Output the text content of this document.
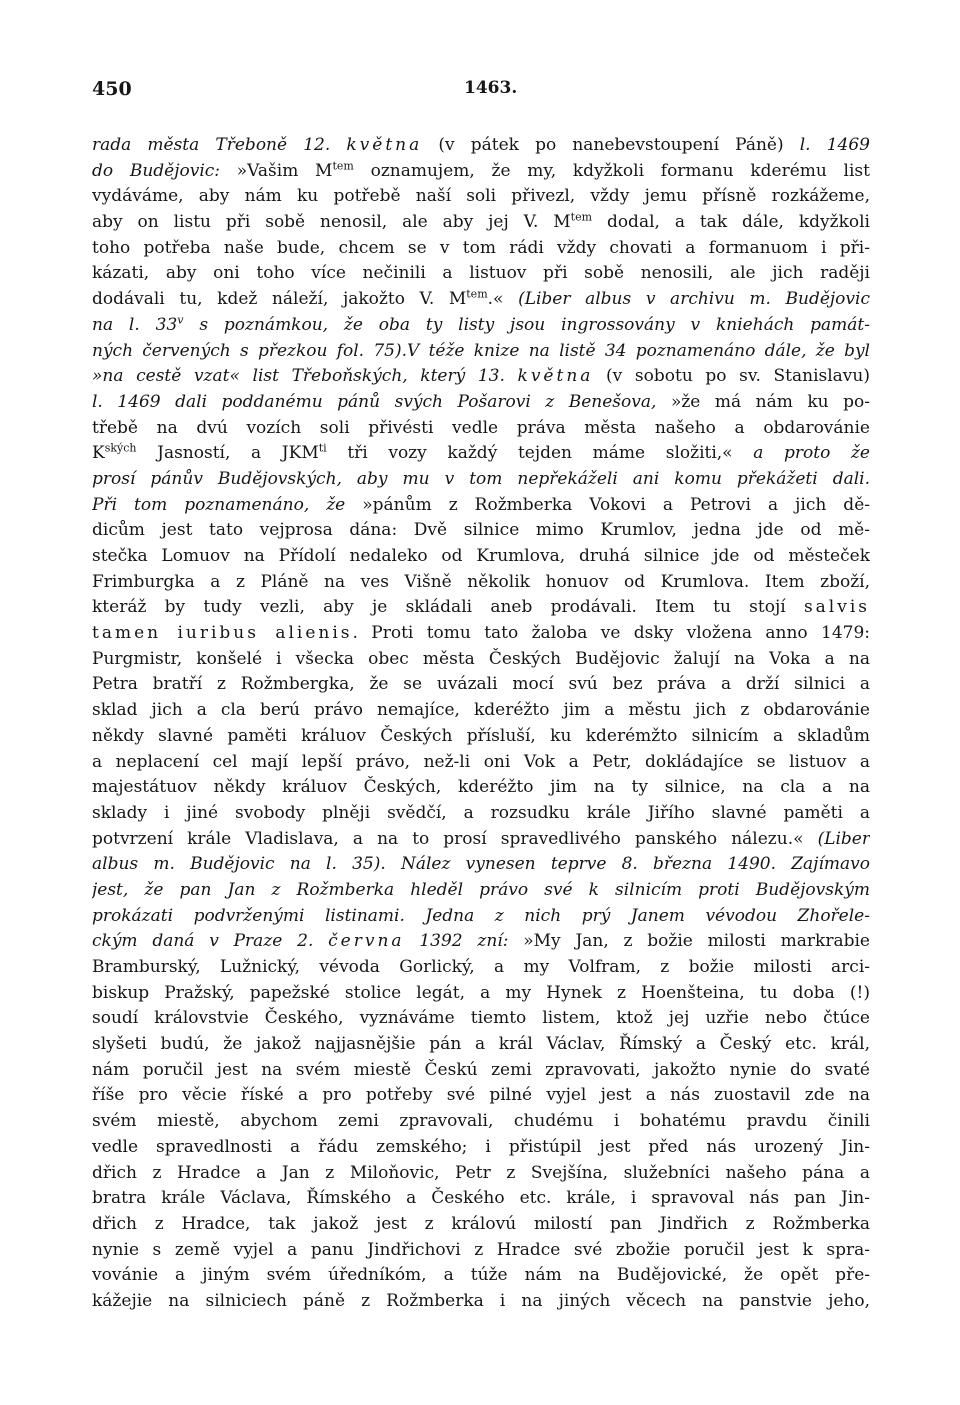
450	1463.
rada města Třeboně 12. května (v pátek po nanebevstoupení Páně) l. 1469
do Budějovic: »Vašim $M^{tem}$ oznamujem, že my, kdyžkoli formanu kderému list
vydáváme, aby nám ku potřebě naší soli přivezl, vždy jemu přísně rozkážeme,
aby on listu při sobě nenosil, ale aby jej V. $M^{tem}$ dodal, a tak dále, kdyžkoli
toho potřeba naše bude, chcem se v tom rádi vždy chovati a formanuom i při-
kázati, aby oni toho více nečinili a listuov při sobě nenosili, ale jich raději
dodávali tu, kdež náleží, jakožto V. $M^{tem}.«$ (Liber albus v archivu m. Budějovic
na l. 33$^v$ s poznámkou, že oba ty listy jsou ingrossovány v kniehách památ-
ných červených s přezkou fol. 75).V téže knize na listě 34 poznamenáno dále, že byl
»na cestě vzat« list Třeboňských, který 13. května (v sobotu po sv. Stanislavu)
l. 1469 dali poddanému pánů svých Pošarovi z Benešova, »že má nám ku po-
třebě na dvú vozích soli přivésti vedle práva města našeho a obdarovánie
$K^{ských}$ Jasností, a $JKM^{ti}$ tři vozy každý tejden máme složiti,« a proto že
prosí pánův Budějovských, aby mu v tom nepřekáželi ani komu překážeti dali.
Při tom poznamenáno, že »pánům z Rožmberka Vokovi a Petrovi a jich dě-
dicům jest tato vejprosa dána: Dvě silnice mimo Krumlov, jedna jde od mě-
stečka Lomuov na Přídolí nedaleko od Krumlova, druhá silnice jde od městeček
Frimburgka a z Pláně na ves Višně několik honuov od Krumlova. Item zboží,
kteráž by tudy vezli, aby je skládali aneb prodávali. Item tu stojí salvis
tamen iuribus alienis. Proti tomu tato žaloba ve dsky vložena anno 1479:
Purgmistr, konšelé i všecka obec města Českých Budějovic žalují na Voka a na
Petra bratří z Rožmbergka, že se uvázali mocí svú bez práva a drží silnici a
sklad jich a cla berú právo nemajíce, kderéžto jim a městu jich z obdarovánie
někdy slavné paměti králuov Českých přísluší, ku kderémžto silnicím a skladům
a neplacení cel mají lepší právo, než-li oni Vok a Petr, dokládajíce se listuov a
majestátuov někdy králuov Českých, kderéžto jim na ty silnice, na cla a na
sklady i jiné svobody plněji svědčí, a rozsudku krále Jiřího slavné paměti a
potvrzení krále Vladislava, a na to prosí spravedlivého panského nálezu.« (Liber
albus m. Budějovic na l. 35). Nález vynesen teprve 8. března 1490. Zajímavo
jest, že pan Jan z Rožmberka hleděl právo své k silnicím proti Budějovským
prokázati podvrženými listinami. Jedna z nich prý Janem vévodou Zhořele-
ckým daná v Praze 2. června 1392 zní: »My Jan, z božie milosti markrabie
Bramburský, Lužnický, vévoda Gorlický, a my Volfram, z božie milosti arci-
biskup Pražský, papežské stolice legát, a my Hynek z Hoenšteina, tu doba (!)
soudí královstvie Českého, vyznáváme tiemto listem, ktož jej uzřie nebo čtúce
slyšeti budú, že jakož najjasnějšie pán a král Václav, Římský a Český etc. král,
nám poručil jest na svém miestě Českú zemi zpravovati, jakožto nynie do svaté
říše pro věcie říské a pro potřeby své pilné vyjel jest a nás zuostavil zde na
svém miestě, abychom zemi zpravovali, chudému i bohatému pravdu činili
vedle spravedlnosti a řádu zemského; i přistúpil jest před nás urozený Jin-
dřich z Hradce a Jan z Miloňovic, Petr z Svejšína, služebníci našeho pána a
bratra krále Václava, Římského a Českého etc. krále, i spravoval nás pan Jin-
dřich z Hradce, tak jakož jest z královú milostí pan Jindřich z Rožmberka
nynie s země vyjel a panu Jindřichovi z Hradce své zbožie poručil jest k spra-
vovánie a jiným svém úředníkóm, a túže nám na Budějovické, že opět pře-
kážejie na silniciech páně z Rožmberka i na jiných věcech na panstvie jeho,
